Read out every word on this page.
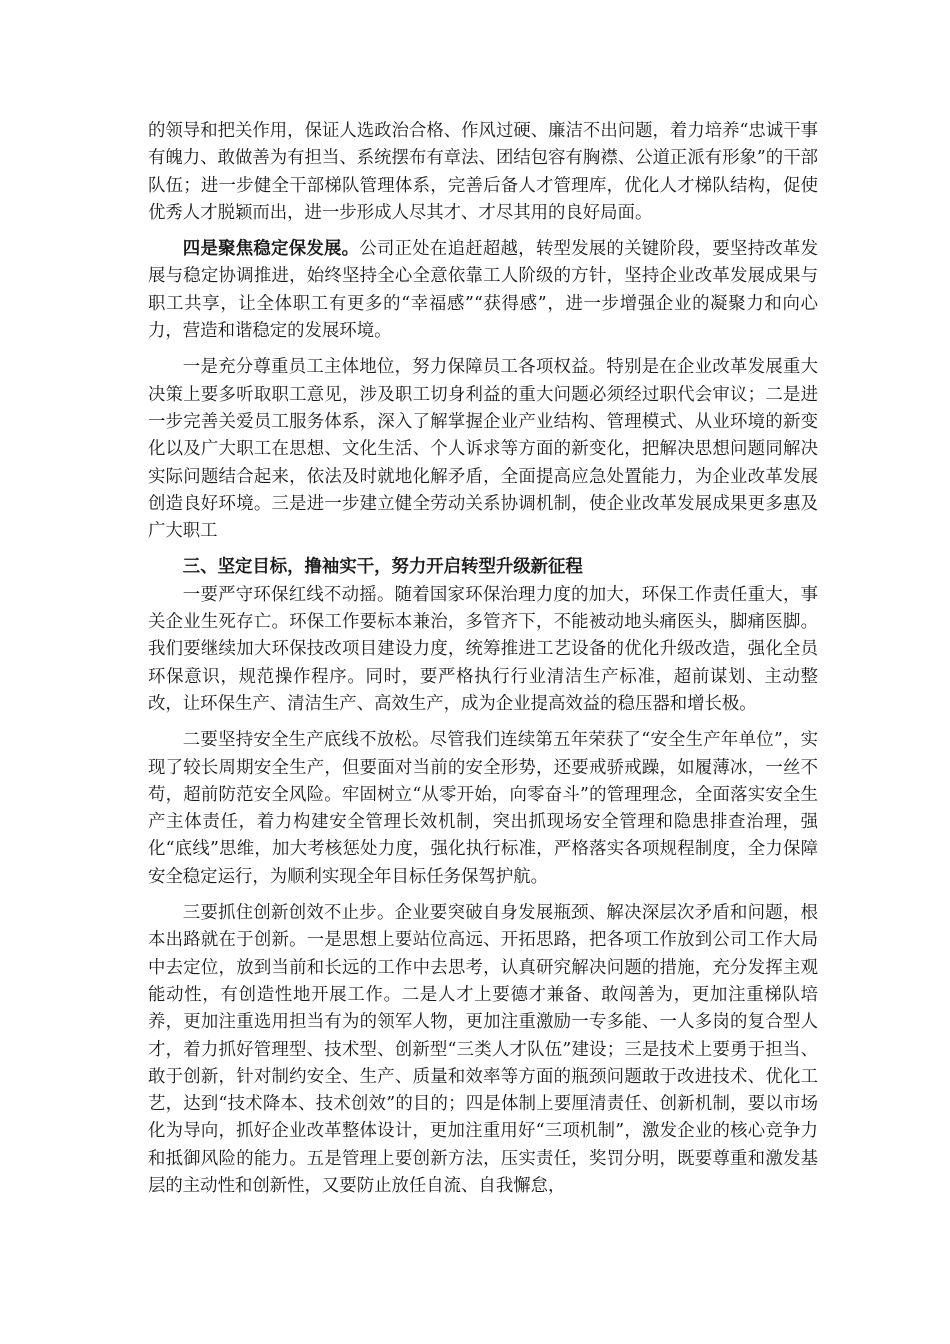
的领导和把关作用，保证人选政治合格、作风过硬、廉洁不出问题，着力培养“忠诚干事有魄力、敢做善为有担当、系统摆布有章法、团结包容有胸襟、公道正派有形象”的干部队伍；进一步健全干部梯队管理体系，完善后备人才管理库，优化人才梯队结构，促使优秀人才脱颖而出，进一步形成人尽其才、才尽其用的良好局面。

四是聚焦稳定保发展。公司正处在追赶超越，转型发展的关键阶段，要坚持改革发展与稳定协调推进，始终坚持全心全意依靠工人阶级的方针，坚持企业改革发展成果与职工共享，让全体职工有更多的“幸福感”“获得感”，进一步增强企业的凝聚力和向心力，营造和谐稳定的发展环境。

一是充分尊重员工主体地位，努力保障员工各项权益。特别是在企业改革发展重大决策上要多听取职工意见，涉及职工切身利益的重大问题必须经过职代会审议；二是进一步完善关爱员工服务体系，深入了解掌握企业产业结构、管理模式、从业环境的新变化以及广大职工在思想、文化生活、个人诉求等方面的新变化，把解决思想问题同解决实际问题结合起来，依法及时就地化解矛盾，全面提高应急处置能力，为企业改革发展创造良好环境。三是进一步建立健全劳动关系协调机制，使企业改革发展成果更多惠及广大职工

三、坚定目标，撸袖实干，努力开启转型升级新征程

一要严守环保红线不动摇。随着国家环保治理力度的加大，环保工作责任重大，事关企业生死存亡。环保工作要标本兼治，多管齐下，不能被动地头痛医头，脚痛医脚。我们要继续加大环保技改项目建设力度，统筹推进工艺设备的优化升级改造，强化全员环保意识，规范操作程序。同时，要严格执行行业清洁生产标准，超前谋划、主动整改，让环保生产、清洁生产、高效生产，成为企业提高效益的稳压器和增长极。

二要坚持安全生产底线不放松。尽管我们连续第五年荣获了“安全生产年单位”，实现了较长周期安全生产，但要面对当前的安全形势，还要戒骄戒躁，如履薄冰，一丝不苟，超前防范安全风险。牢固树立“从零开始，向零奋斗”的管理理念，全面落实安全生产主体责任，着力构建安全管理长效机制，突出抓现场安全管理和隐患排查治理，强化“底线”思维，加大考核惩处力度，强化执行标准，严格落实各项规程制度，全力保障安全稳定运行，为顺利实现全年目标任务保驾护航。

三要抓住创新创效不止步。企业要突破自身发展瓶颈、解决深层次矛盾和问题，根本出路就在于创新。一是思想上要站位高远、开拓思路，把各项工作放到公司工作大局中去定位，放到当前和长远的工作中去思考，认真研究解决问题的措施，充分发挥主观能动性，有创造性地开展工作。二是人才上要德才兼备、敢闯善为，更加注重梯队培养，更加注重选用担当有为的领军人物，更加注重激励一专多能、一人多岗的复合型人才，着力抓好管理型、技术型、创新型“三类人才队伍”建设；三是技术上要勇于担当、敢于创新，针对制约安全、生产、质量和效率等方面的瓶颈问题敢于改进技术、优化工艺，达到“技术降本、技术创效”的目的；四是体制上要厘清责任、创新机制，要以市场化为导向，抓好企业改革整体设计，更加注重用好“三项机制”，激发企业的核心竞争力和抵御风险的能力。五是管理上要创新方法，压实责任，奖罚分明，既要尊重和激发基层的主动性和创新性，又要防止放任自流、自我懈怠，
